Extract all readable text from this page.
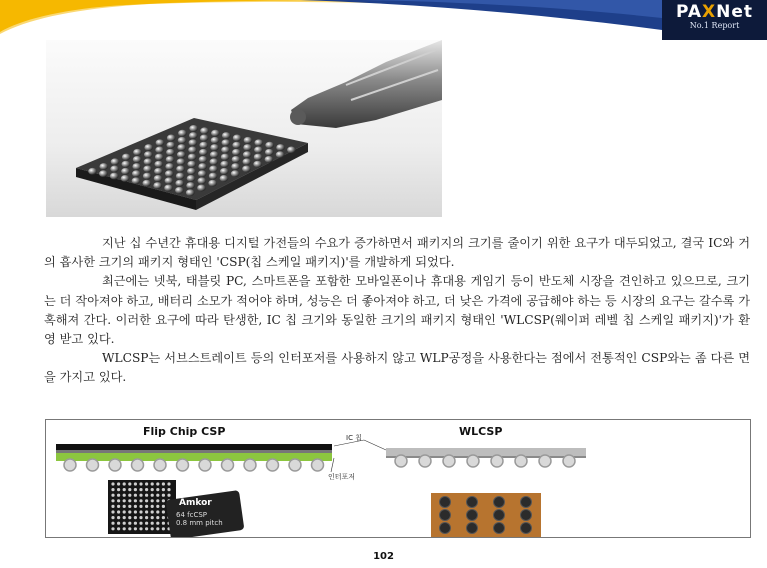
PAXNet
No.1 Report

지난 십 수년간 휴대용 디지털 가전들의 수요가 증가하면서 패키지의 크기를 줄이기 위한 요구가 대두되었고, 결국 IC와 거의 흡사한 크기의 패키지 형태인 'CSP(칩 스케일 패키지)'를 개발하게 되었다.

최근에는 넷북, 태블릿 PC, 스마트폰을 포함한 모바일폰이나 휴대용 게임기 등이 반도체 시장을 견인하고 있으므로, 크기는 더 작아져야 하고, 배터리 소모가 적어야 하며, 성능은 더 좋아져야 하고, 더 낮은 가격에 공급해야 하는 등 시장의 요구는 갈수록 가혹해져 간다. 이러한 요구에 따라 탄생한, IC 칩 크기와 동일한 크기의 패키지 형태인 'WLCSP(웨이퍼 레벨 칩 스케일 패키지)'가 환영 받고 있다.

WLCSP는 서브스트레이트 등의 인터포저를 사용하지 않고 WLP공정을 사용한다는 점에서 전통적인 CSP와는 좀 다른 면을 가지고 있다.

Flip Chip CSP	WLCSP
IC 칩
인터포저
Amkor
64 fcCSP
0.8 mm pitch
102
